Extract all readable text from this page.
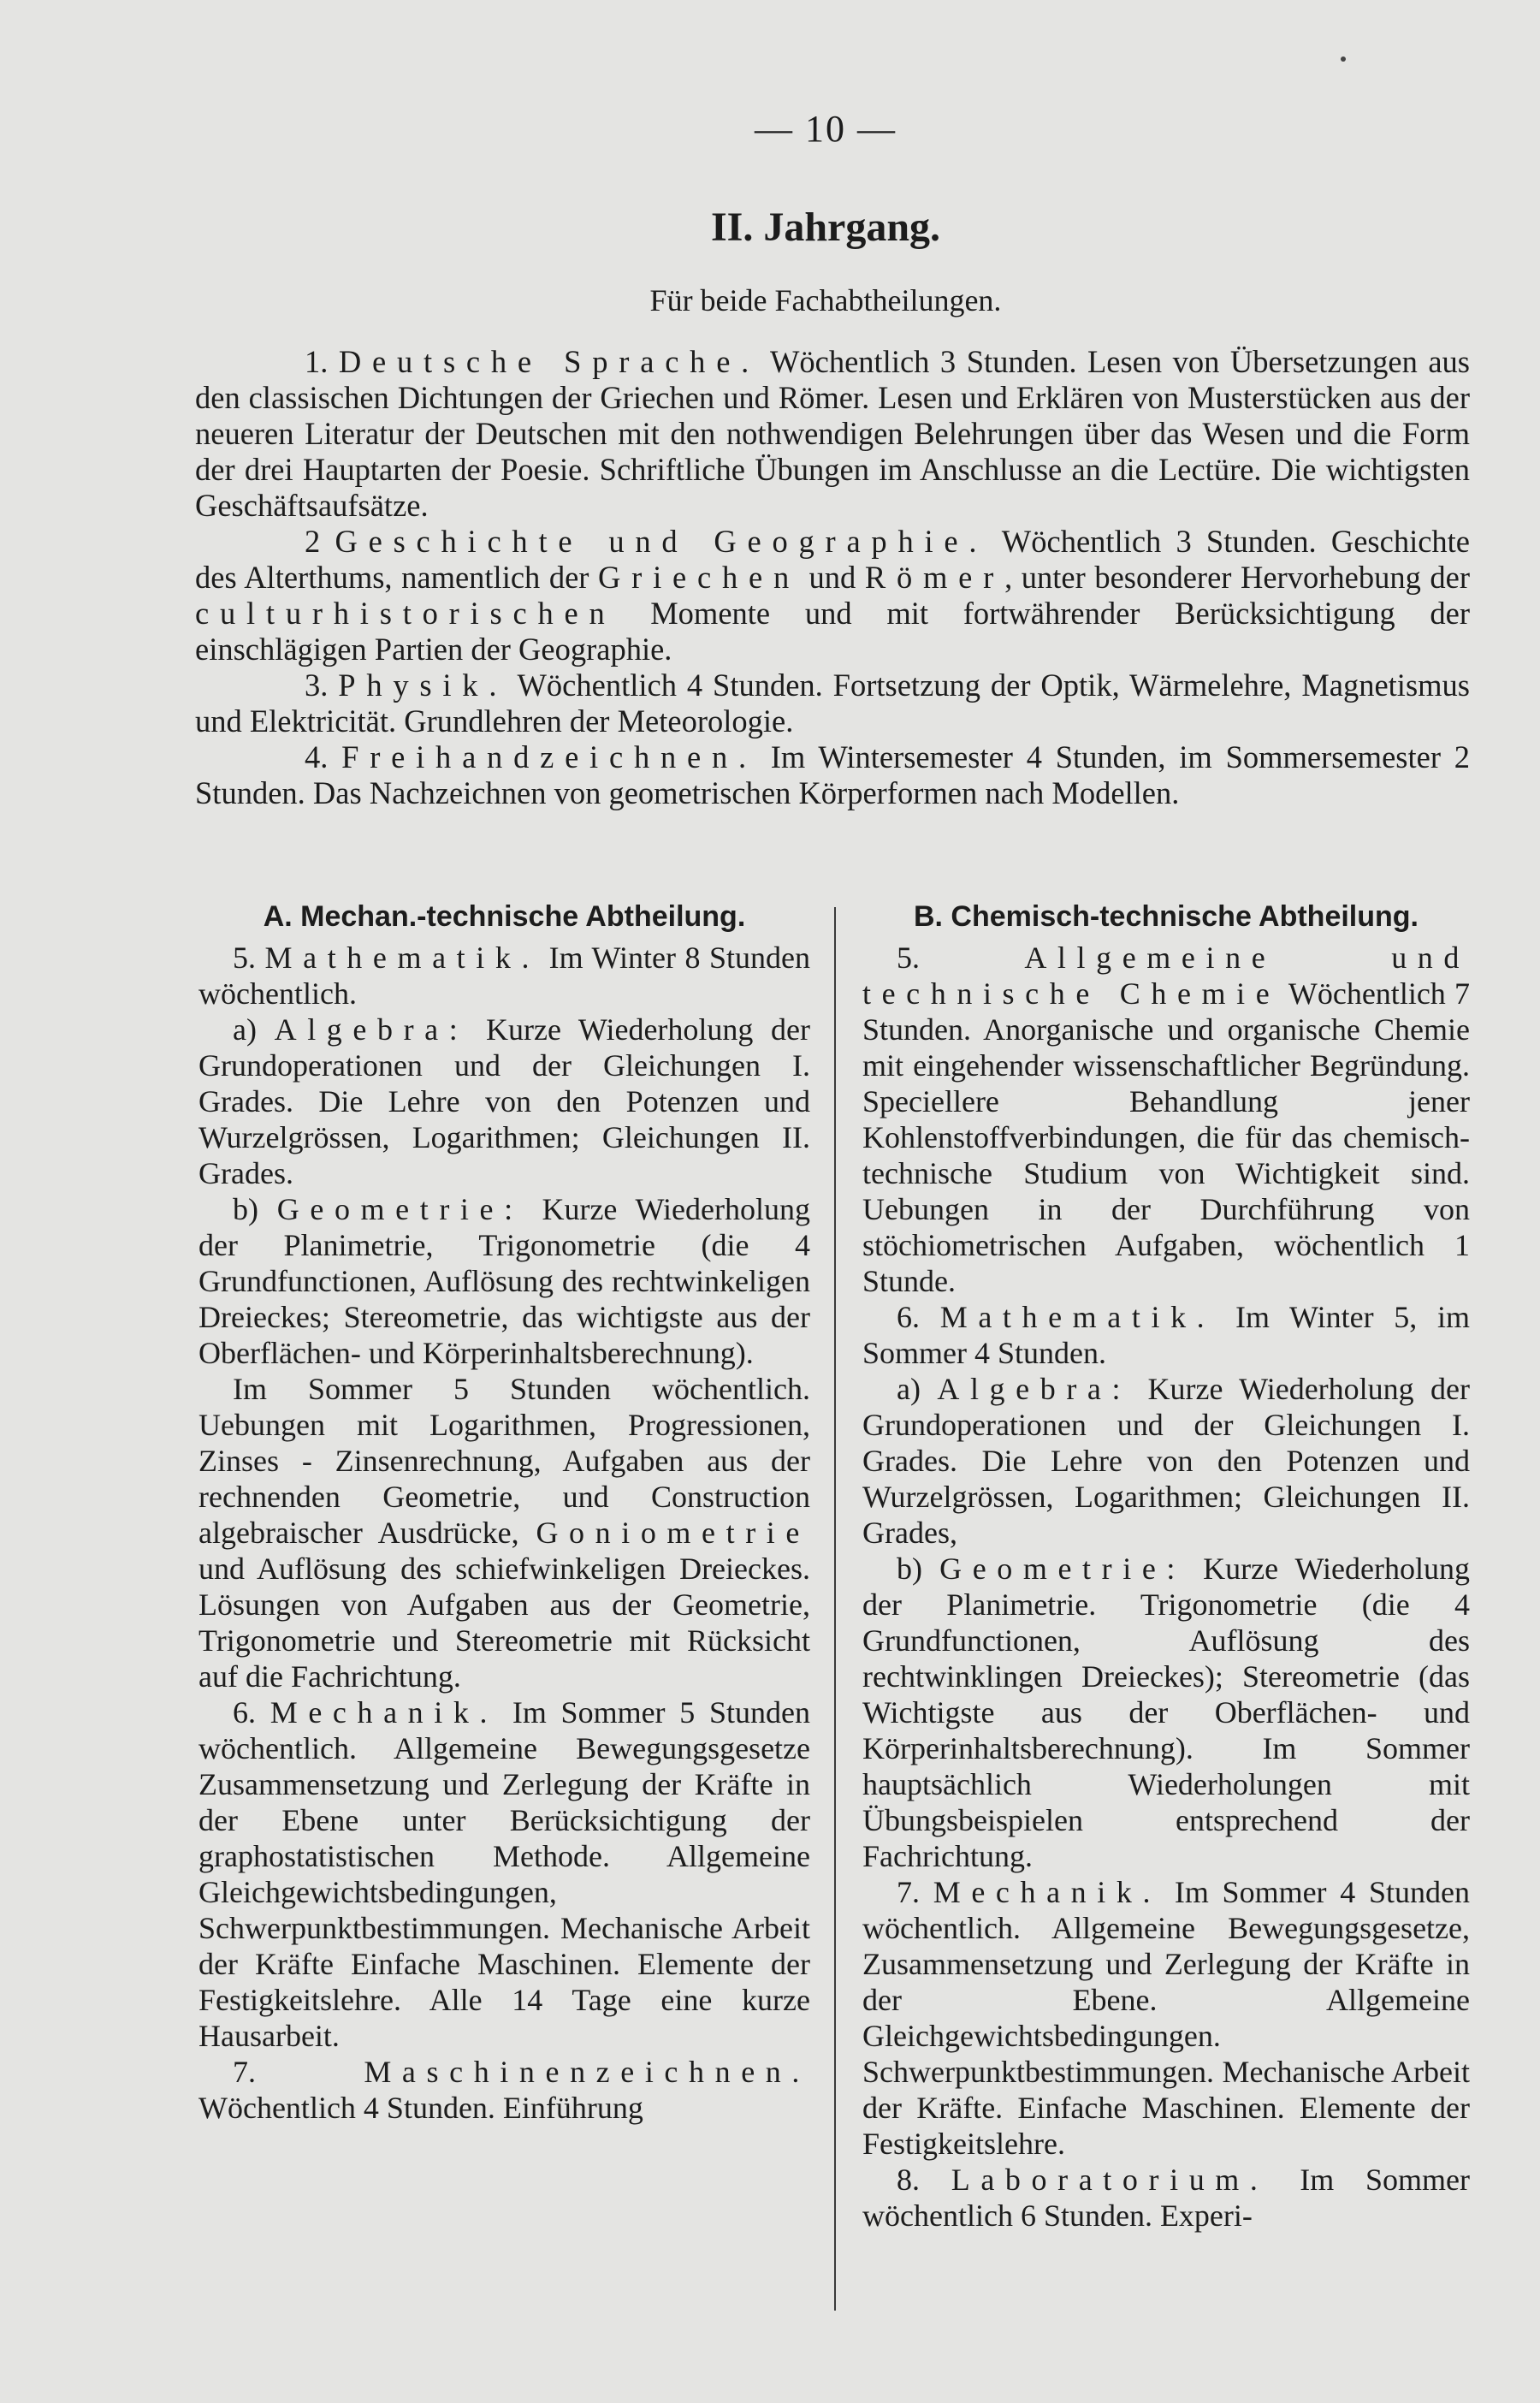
— 10 —
II. Jahrgang.
Für beide Fachabtheilungen.

1. Deutsche Sprache. Wöchentlich 3 Stunden. Lesen von Übersetzungen aus den classischen Dichtungen der Griechen und Römer. Lesen und Erklären von Musterstücken aus der neueren Literatur der Deutschen mit den nothwendigen Belehrungen über das Wesen und die Form der drei Hauptarten der Poesie. Schriftliche Übungen im Anschlusse an die Lectüre. Die wichtigsten Geschäftsaufsätze.

2 Geschichte und Geographie. Wöchentlich 3 Stunden. Geschichte des Alterthums, namentlich der Griechen und Römer, unter besonderer Hervorhebung der culturhistorischen Momente und mit fortwährender Berücksichtigung der einschlägigen Partien der Geographie.

3. Physik. Wöchentlich 4 Stunden. Fortsetzung der Optik, Wärmelehre, Magnetismus und Elektricität. Grundlehren der Meteorologie.

4. Freihandzeichnen. Im Wintersemester 4 Stunden, im Sommersemester 2 Stunden. Das Nachzeichnen von geometrischen Körperformen nach Modellen.

A. Mechan.-technische Abtheilung.

5. Mathematik. Im Winter 8 Stunden wöchentlich.

a) Algebra: Kurze Wiederholung der Grundoperationen und der Gleichungen I. Grades. Die Lehre von den Potenzen und Wurzelgrössen, Logarithmen; Gleichungen II. Grades.

b) Geometrie: Kurze Wiederholung der Planimetrie, Trigonometrie (die 4 Grundfunctionen, Auflösung des rechtwinkeligen Dreieckes; Stereometrie, das wichtigste aus der Oberflächen- und Körperinhaltsberechnung).

Im Sommer 5 Stunden wöchentlich. Uebungen mit Logarithmen, Progressionen, Zinses - Zinsenrechnung, Aufgaben aus der rechnenden Geometrie, und Construction algebraischer Ausdrücke, Goniometrie und Auflösung des schiefwinkeligen Dreieckes. Lösungen von Aufgaben aus der Geometrie, Trigonometrie und Stereometrie mit Rücksicht auf die Fachrichtung.

6. Mechanik. Im Sommer 5 Stunden wöchentlich. Allgemeine Bewegungsgesetze Zusammensetzung und Zerlegung der Kräfte in der Ebene unter Berücksichtigung der graphostatistischen Methode. Allgemeine Gleichgewichtsbedingungen, Schwerpunktbestimmungen. Mechanische Arbeit der Kräfte Einfache Maschinen. Elemente der Festigkeitslehre. Alle 14 Tage eine kurze Hausarbeit.

7.	Maschinenzeichnen. Wöchentlich 4 Stunden. Einführung

B. Chemisch-technische Abtheilung.

5.	Allgemeine und technische Chemie Wöchentlich 7 Stunden. Anorganische und organische Chemie mit eingehender wissenschaftlicher Begründung. Speciellere Behandlung jener Kohlenstoffverbindungen, die für das chemisch-technische Studium von Wichtigkeit sind. Uebungen in der Durchführung von stöchiometrischen Aufgaben, wöchentlich 1 Stunde.

6. Mathematik. Im Winter 5, im Sommer 4 Stunden.

a) Algebra: Kurze Wiederholung der Grundoperationen und der Gleichungen I. Grades. Die Lehre von den Potenzen und Wurzelgrössen, Logarithmen; Gleichungen II. Grades,

b) Geometrie: Kurze Wiederholung der Planimetrie. Trigonometrie (die 4 Grundfunctionen, Auflösung des rechtwinklingen Dreieckes); Stereometrie (das Wichtigste aus der Oberflächen- und Körperinhaltsberechnung). Im Sommer hauptsächlich Wiederholungen mit Übungsbeispielen entsprechend der Fachrichtung.

7. Mechanik. Im Sommer 4 Stunden wöchentlich. Allgemeine Bewegungsgesetze, Zusammensetzung und Zerlegung der Kräfte in der Ebene. Allgemeine Gleichgewichtsbedingungen. Schwerpunktbestimmungen. Mechanische Arbeit der Kräfte. Einfache Maschinen. Elemente der Festigkeitslehre.

8. Laboratorium. Im Sommer wöchentlich 6 Stunden. Experi-
